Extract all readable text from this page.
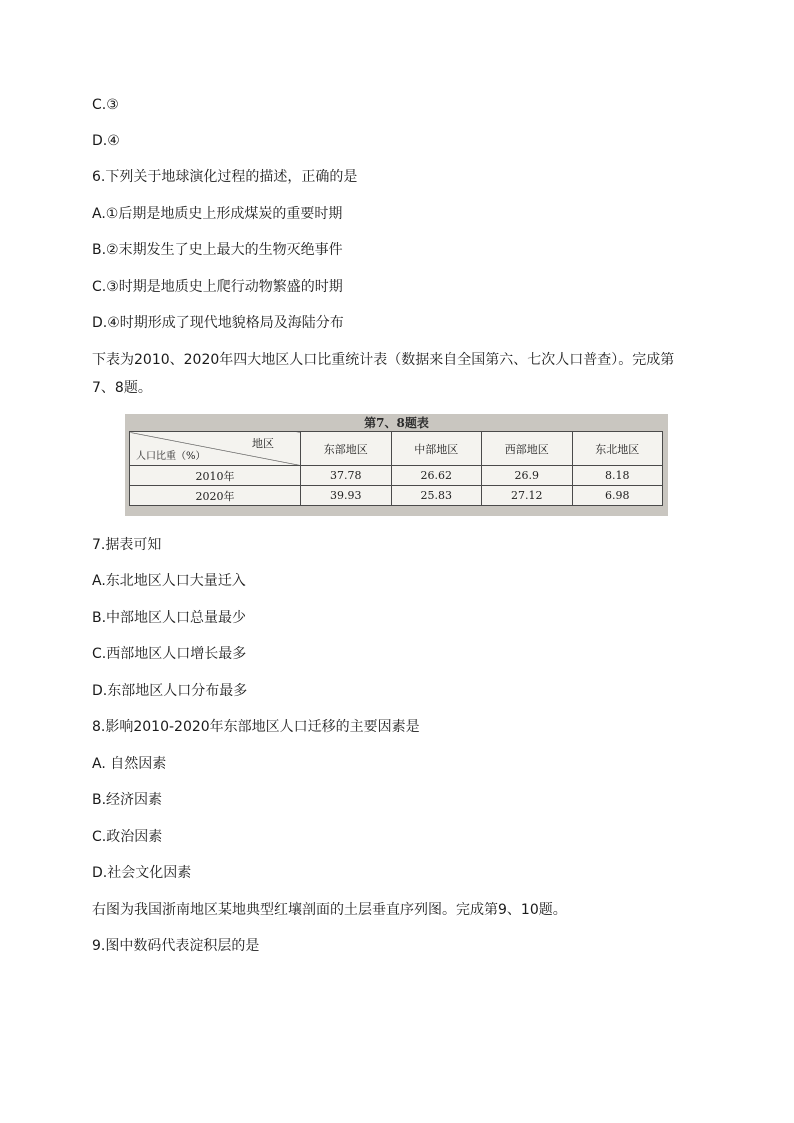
C.③
D.④
6.下列关于地球演化过程的描述，正确的是
A.①后期是地质史上形成煤炭的重要时期
B.②末期发生了史上最大的生物灭绝事件
C.③时期是地质史上爬行动物繁盛的时期
D.④时期形成了现代地貌格局及海陆分布
下表为2010、2020年四大地区人口比重统计表（数据来自全国第六、七次人口普查）。完成第
7、8题。
第7、8题表
地区
人口比重（%）	东部地区	中部地区	西部地区	东北地区
2010年	37.78	26.62	26.9	8.18
2020年	39.93	25.83	27.12	6.98
7.据表可知
A.东北地区人口大量迁入
B.中部地区人口总量最少
C.西部地区人口增长最多
D.东部地区人口分布最多
8.影响2010-2020年东部地区人口迁移的主要因素是
A. 自然因素
B.经济因素
C.政治因素
D.社会文化因素
右图为我国浙南地区某地典型红壤剖面的土层垂直序列图。完成第9、10题。
9.图中数码代表淀积层的是
